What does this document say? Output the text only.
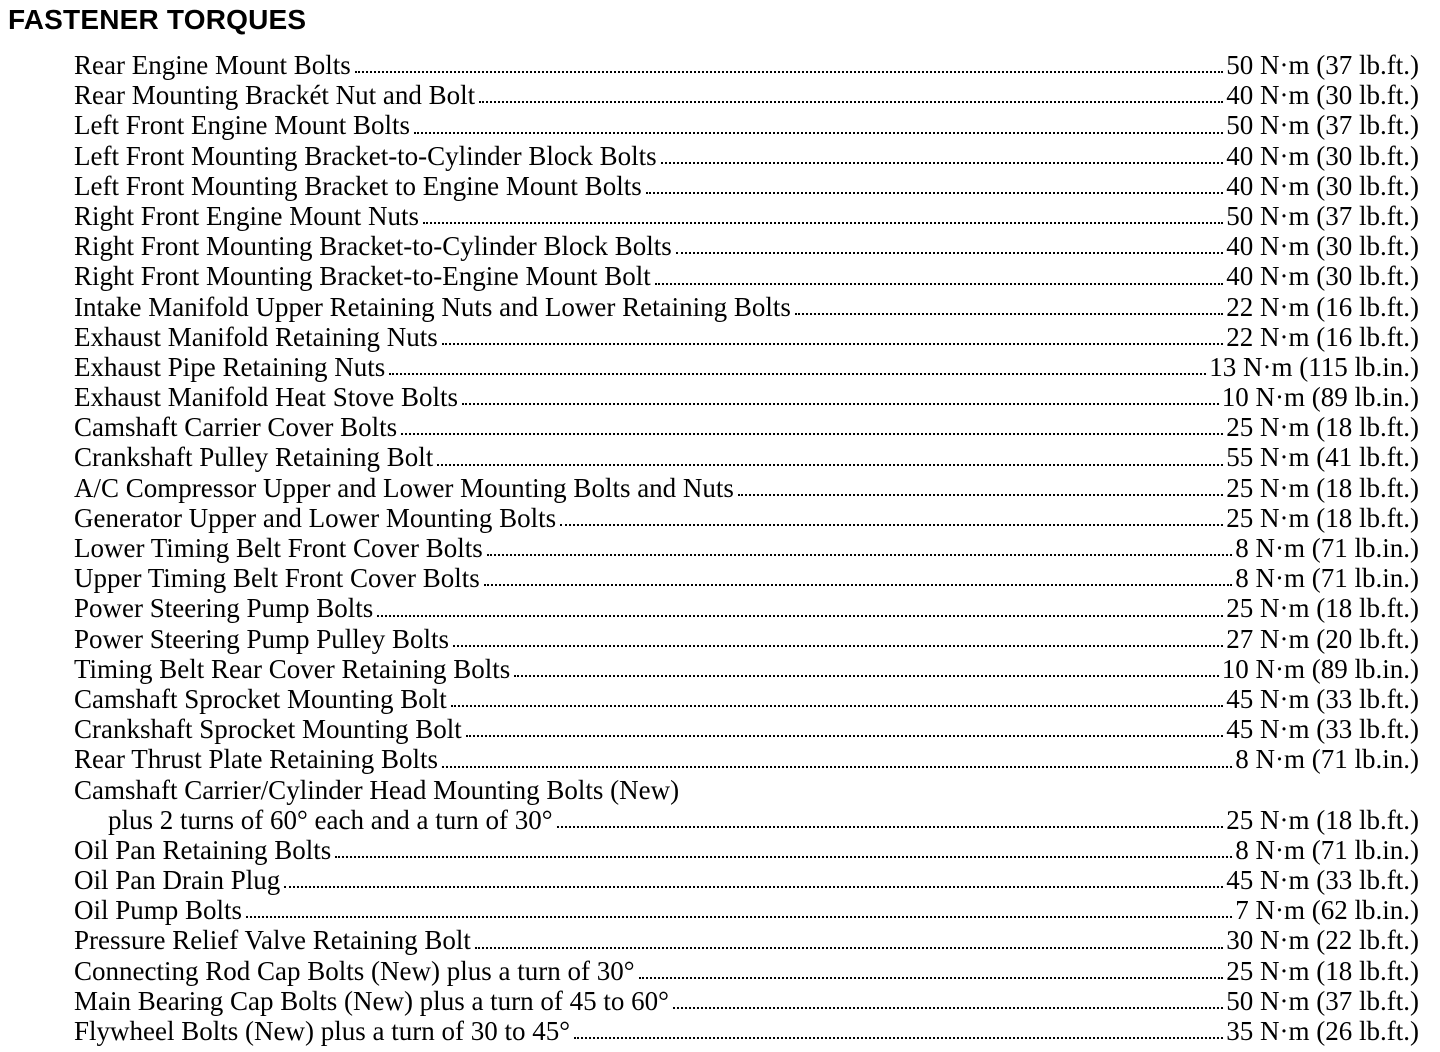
FASTENER TORQUES
Rear Engine Mount Bolts	50 N·m (37 lb.ft.)
Rear Mounting Brackét Nut and Bolt	40 N·m (30 lb.ft.)
Left Front Engine Mount Bolts	50 N·m (37 lb.ft.)
Left Front Mounting Bracket-to-Cylinder Block Bolts	40 N·m (30 lb.ft.)
Left Front Mounting Bracket to Engine Mount Bolts	40 N·m (30 lb.ft.)
Right Front Engine Mount Nuts	50 N·m (37 lb.ft.)
Right Front Mounting Bracket-to-Cylinder Block Bolts	40 N·m (30 lb.ft.)
Right Front Mounting Bracket-to-Engine Mount Bolt	40 N·m (30 lb.ft.)
Intake Manifold Upper Retaining Nuts and Lower Retaining Bolts	22 N·m (16 lb.ft.)
Exhaust Manifold Retaining Nuts	22 N·m (16 lb.ft.)
Exhaust Pipe Retaining Nuts	13 N·m (115 lb.in.)
Exhaust Manifold Heat Stove Bolts	10 N·m (89 lb.in.)
Camshaft Carrier Cover Bolts	25 N·m (18 lb.ft.)
Crankshaft Pulley Retaining Bolt	55 N·m (41 lb.ft.)
A/C Compressor Upper and Lower Mounting Bolts and Nuts	25 N·m (18 lb.ft.)
Generator Upper and Lower Mounting Bolts	25 N·m (18 lb.ft.)
Lower Timing Belt Front Cover Bolts	8 N·m (71 lb.in.)
Upper Timing Belt Front Cover Bolts	8 N·m (71 lb.in.)
Power Steering Pump Bolts	25 N·m (18 lb.ft.)
Power Steering Pump Pulley Bolts	27 N·m (20 lb.ft.)
Timing Belt Rear Cover Retaining Bolts	10 N·m (89 lb.in.)
Camshaft Sprocket Mounting Bolt	45 N·m (33 lb.ft.)
Crankshaft Sprocket Mounting Bolt	45 N·m (33 lb.ft.)
Rear Thrust Plate Retaining Bolts	8 N·m (71 lb.in.)
Camshaft Carrier/Cylinder Head Mounting Bolts (New)
plus 2 turns of 60° each and a turn of 30°	25 N·m (18 lb.ft.)
Oil Pan Retaining Bolts	8 N·m (71 lb.in.)
Oil Pan Drain Plug	45 N·m (33 lb.ft.)
Oil Pump Bolts	7 N·m (62 lb.in.)
Pressure Relief Valve Retaining Bolt	30 N·m (22 lb.ft.)
Connecting Rod Cap Bolts (New) plus a turn of 30°	25 N·m (18 lb.ft.)
Main Bearing Cap Bolts (New) plus a turn of 45 to 60°	50 N·m (37 lb.ft.)
Flywheel Bolts (New) plus a turn of 30 to 45°	35 N·m (26 lb.ft.)
